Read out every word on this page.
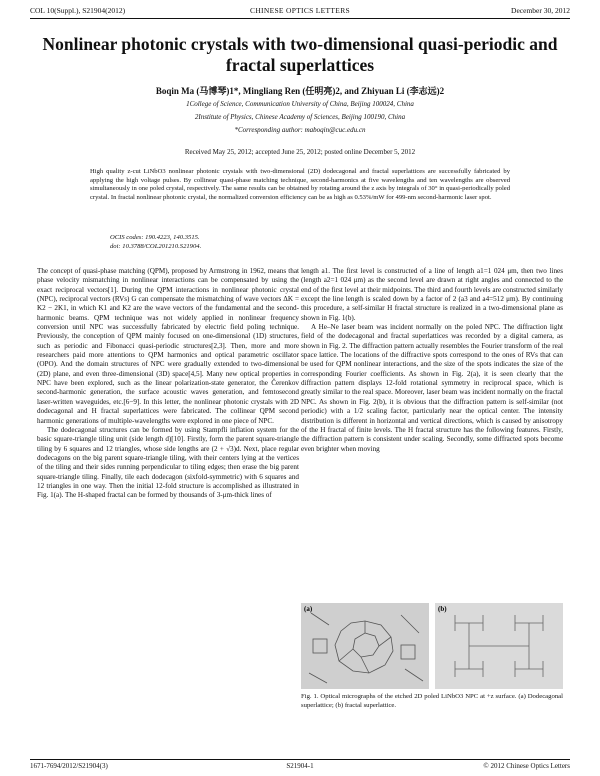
COL 10(Suppl.), S21904(2012)	CHINESE OPTICS LETTERS	December 30, 2012
Nonlinear photonic crystals with two-dimensional quasi-periodic and fractal superlattices
Boqin Ma (马博琴)1*, Mingliang Ren (任明亮)2, and Zhiyuan Li (李志远)2
1College of Science, Communication University of China, Beijing 100024, China
2Institute of Physics, Chinese Academy of Sciences, Beijing 100190, China
*Corresponding author: maboqin@cuc.edu.cn
Received May 25, 2012; accepted June 25, 2012; posted online December 5, 2012
High quality z-cut LiNbO3 nonlinear photonic crystals with two-dimensional (2D) dodecagonal and fractal superlattices are successfully fabricated by applying the high voltage pulses. By collinear quasi-phase matching technique, second-harmonics at five wavelengths and ten wavelengths are observed simultaneously in one poled crystal, respectively. The same results can be obtained by rotating around the z axis by integrals of 30° in quasi-periodically poled crystal. In fractal nonlinear photonic crystal, the normalized conversion efficiency can be as high as 0.53%/mW for 499-nm second-harmonic laser spot.
OCIS codes: 190.4223, 140.3515.
doi: 10.3788/COL201210.S21904.

The concept of quasi-phase matching (QPM), proposed by Armstrong in 1962, means that phase velocity mismatching in nonlinear interactions can be compensated by using the exact reciprocal vectors[1]. During the QPM interactions in nonlinear photonic crystal (NPC), reciprocal vectors (RVs) G can compensate the mismatching of wave vectors ΔK = K2 − 2K1, in which K1 and K2 are the wave vectors of the fundamental and the second-harmonic beams. QPM technique was not widely applied in nonlinear frequency conversion until NPC was successfully fabricated by electric field poling technique. Previously, the conception of QPM mainly focused on one-dimensional (1D) structures, such as periodic and Fibonacci quasi-periodic structures[2,3]. Then, more and more researchers paid more attentions to QPM harmonics and optical parametric oscillator (OPO). And the domain structures of NPC were gradually extended to two-dimensional (2D) plane, and even three-dimensional (3D) space[4,5]. Many new optical properties in NPC have been explored, such as the linear polarization-state generator, the Čerenkov second-harmonic generation, the surface acoustic waves generation, and femtosecond laser-written waveguides, etc.[6−9]. In this letter, the nonlinear photonic crystals with 2D dodecagonal and H fractal superlattices were fabricated. The collinear QPM second harmonic generations of multiple-wavelengths were explored in one piece of NPC.

The dodecagonal structures can be formed by using Stampfli inflation system for the basic square-triangle tiling unit (side length d)[10]. Firstly, form the parent square-triangle tiling by 6 squares and 12 triangles, whose side lengths are (2 + √3)d. Next, place regular dodecagons on the big parent square-triangle tiling, with their centers lying at the vertices of the tiling and their sides running perpendicular to tiling edges; then erase the big parent square-triangle tiling. Finally, tile each dodecagon (sixfold-symmetric) with 6 squares and 12 triangles in one way. Then the initial 12-fold structure is accomplished as illustrated in Fig. 1(a). The H-shaped fractal can be formed by thousands of 3-μm-thick lines of

length a1. The first level is constructed of a line of length a1=1 024 μm, then two lines (length a2=1 024 μm) as the second level are drawn at right angles and connected to the end of the first level at their midpoints. The third and fourth levels are constructed similarly except the line length is scaled down by a factor of 2 (a3 and a4=512 μm). By continuing this procedure, a self-similar H fractal structure is realized in a two-dimensional plane as shown in Fig. 1(b).

A He–Ne laser beam was incident normally on the poled NPC. The diffraction light field of the dodecagonal and fractal superlattices was recorded by a digital camera, as shown in Fig. 2. The diffraction pattern actually resembles the Fourier transform of the real space lattice. The locations of the diffractive spots correspond to the ones of RVs that can be used for QPM nonlinear interactions, and the size of the spots indicates the size of the corresponding Fourier coefficients. As shown in Fig. 2(a), it is seen clearly that the diffraction pattern displays 12-fold rotational symmetry in reciprocal space, which is greatly similar to the real space. Moreover, laser beam was incident normally on the fractal NPC. As shown in Fig. 2(b), it is obvious that the diffraction pattern is self-similar (not periodic) with a 1/2 scaling factor, particularly near the optical center. The intensity distribution is different in horizontal and vertical directions, which is caused by anisotropy of the H fractal of finite levels. The H fractal structure has the following features. Firstly, the diffraction pattern is consistent under scaling. Secondly, some diffracted spots become even brighter when moving

(a)	(b)
Fig. 1. Optical micrographs of the etched 2D poled LiNbO3 NPC at +z surface. (a) Dodecagonal superlattice; (b) fractal superlattice.
1671-7694/2012/S21904(3)	S21904-1	© 2012 Chinese Optics Letters
